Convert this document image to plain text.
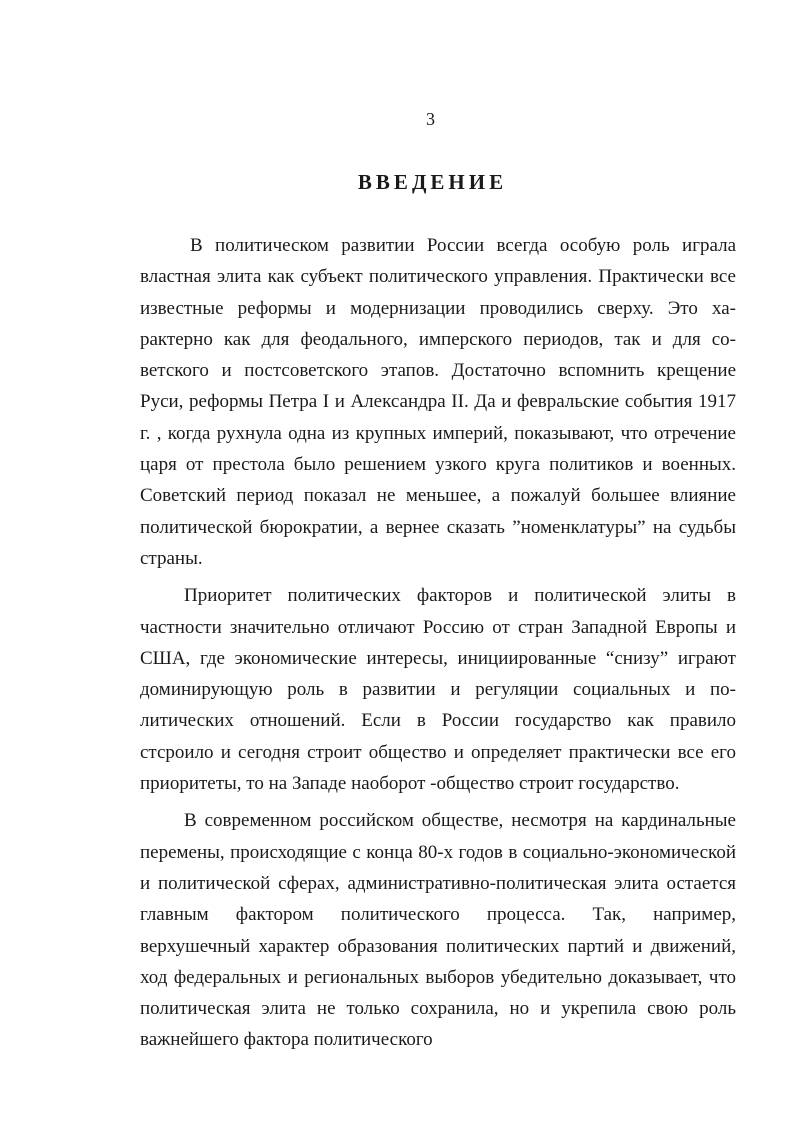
3
ВВЕДЕНИЕ

В политическом развитии России всегда особую роль играла властная элита как субъект политического управления. Практически все известные реформы и модернизации проводились сверху. Это характерно как для феодального, имперского периодов, так и для советского и постсоветского этапов. Достаточно вспомнить крещение Руси, реформы Петра I и Александра II. Да и февральские события 1917 г. , когда рухнула одна из крупных империй, показывают, что отречение царя от престола было решением узкого круга политиков и военных. Советский период показал не меньшее, а пожалуй большее влияние политической бюрократии, а вернее сказать ”номенклатуры” на судьбы страны.

Приоритет политических факторов и политической элиты в частности значительно отличают Россию от стран Западной Европы и США, где экономические интересы, инициированные “снизу” играют доминирующую роль в развитии и регуляции социальных и политических отношений. Если в России государство как правило стсроило и сегодня строит общество и определяет практически все его приоритеты, то на Западе наоборот -общество строит государство.

В современном российском обществе, несмотря на кардинальные перемены, происходящие с конца 80-х годов в социально-экономической и политической сферах, административно-политическая элита остается главным фактором политического процесса. Так, например, верхушечный характер образования политических партий и движений, ход федеральных и региональных выборов убедительно доказывает, что политическая элита не только сохранила, но и укрепила свою роль важнейшего фактора политического
